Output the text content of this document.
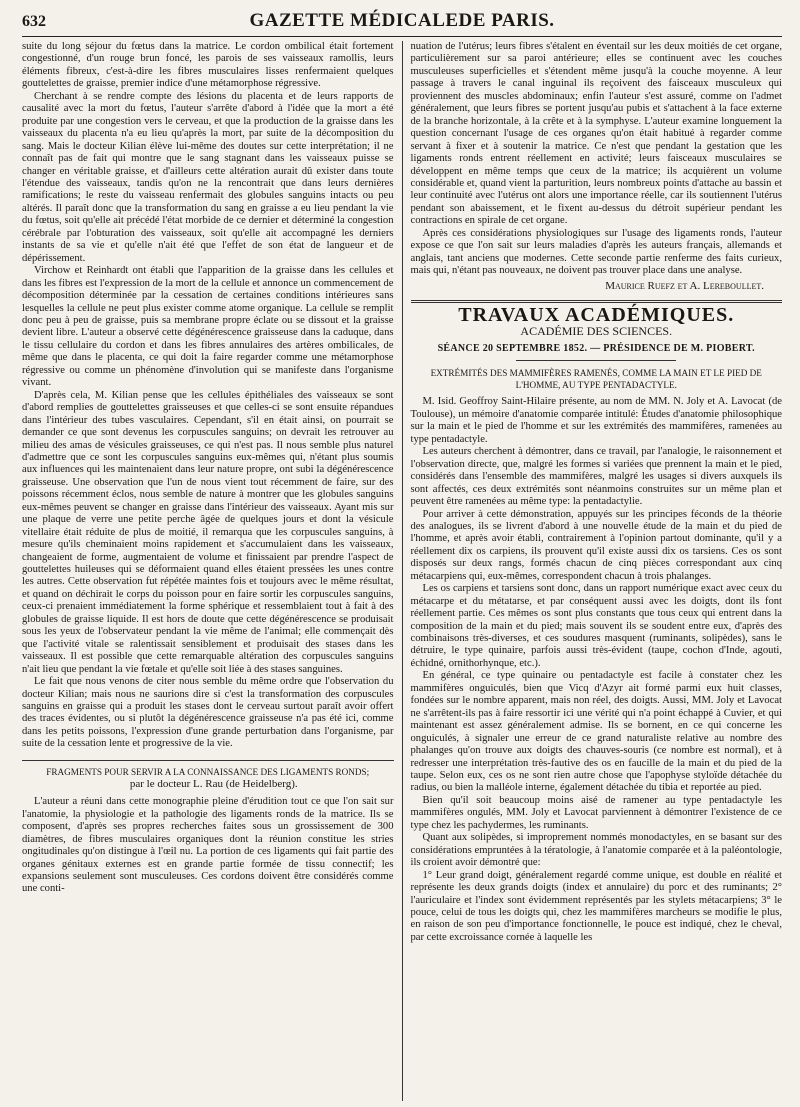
632	GAZETTE MÉDICALEDE PARIS.

suite du long séjour du fœtus dans la matrice. Le cordon ombilical était fortement congestionné, d'un rouge brun foncé, les parois de ses vaisseaux ramollis, leurs éléments fibreux, c'est-à-dire les fibres musculaires lisses renfermaient quelques gouttelettes de graisse, premier indice d'une métamorphose régressive.

Cherchant à se rendre compte des lésions du placenta et de leurs rapports de causalité avec la mort du fœtus, l'auteur s'arrête d'abord à l'idée que la mort a été produite par une congestion vers le cerveau, et que la production de la graisse dans les vaisseaux du placenta n'a eu lieu qu'après la mort, par suite de la décomposition du sang. Mais le docteur Kilian élève lui-même des doutes sur cette interprétation; il ne connaît pas de fait qui montre que le sang stagnant dans les vaisseaux puisse se changer en véritable graisse, et d'ailleurs cette altération aurait dû exister dans toute l'étendue des vaisseaux, tandis qu'on ne la rencontrait que dans leurs dernières ramifications; le reste du vaisseau renfermait des globules sanguins intacts ou peu altérés. Il paraît donc que la transformation du sang en graisse a eu lieu pendant la vie du fœtus, soit qu'elle ait précédé l'état morbide de ce dernier et déterminé la congestion cérébrale par l'obturation des vaisseaux, soit qu'elle ait accompagné les derniers instants de sa vie et qu'elle n'ait été que l'effet de son état de langueur et de dépérissement.

Virchow et Reinhardt ont établi que l'apparition de la graisse dans les cellules et dans les fibres est l'expression de la mort de la cellule et annonce un commencement de décomposition déterminée par la cessation de certaines conditions intérieures sans lesquelles la cellule ne peut plus exister comme atome organique. La cellule se remplit donc peu à peu de graisse, puis sa membrane propre éclate ou se dissout et la graisse devient libre. L'auteur a observé cette dégénérescence graisseuse dans la caduque, dans le tissu cellulaire du cordon et dans les fibres annulaires des artères ombilicales, de même que dans le placenta, ce qui doit la faire regarder comme une métamorphose régressive ou comme un phénomène d'involution qui se manifeste dans l'organisme vivant.

D'après cela, M. Kilian pense que les cellules épithéliales des vaisseaux se sont d'abord remplies de gouttelettes graisseuses et que celles-ci se sont ensuite répandues dans l'intérieur des tubes vasculaires. Cependant, s'il en était ainsi, on pourrait se demander ce que sont devenus les corpuscules sanguins; on devrait les retrouver au milieu des amas de vésicules graisseuses, ce qui n'est pas. Il nous semble plus naturel d'admettre que ce sont les corpuscules sanguins eux-mêmes qui, n'étant plus soumis aux influences qui les maintenaient dans leur nature propre, ont subi la dégénérescence graisseuse. Une observation que l'un de nous vient tout récemment de faire, sur des poissons récemment éclos, nous semble de nature à montrer que les globules sanguins eux-mêmes peuvent se changer en graisse dans l'intérieur des vaisseaux. Ayant mis sur une plaque de verre une petite perche âgée de quelques jours et dont la vésicule vitellaire était réduite de plus de moitié, il remarqua que les corpuscules sanguins, à mesure qu'ils cheminaient moins rapidement et s'accumulaient dans les vaisseaux, changeaient de forme, augmentaient de volume et finissaient par prendre l'aspect de gouttelettes huileuses qui se déformaient quand elles étaient pressées les unes contre les autres. Cette observation fut répétée maintes fois et toujours avec le même résultat, et quand on déchirait le corps du poisson pour en faire sortir les corpuscules sanguins, ceux-ci prenaient immédiatement la forme sphérique et ressemblaient tout à fait à des globules de graisse liquide. Il est hors de doute que cette dégénérescence se produisait sous les yeux de l'observateur pendant la vie même de l'animal; elle commençait dès que l'activité vitale se ralentissait sensiblement et produisait des stases dans les vaisseaux. Il est possible que cette remarquable altération des corpuscules sanguins n'ait lieu que pendant la vie fœtale et qu'elle soit liée à des stases sanguines.

Le fait que nous venons de citer nous semble du même ordre que l'observation du docteur Kilian; mais nous ne saurions dire si c'est la transformation des corpuscules sanguins en graisse qui a produit les stases dont le cerveau surtout paraît avoir offert des traces évidentes, ou si plutôt la dégénérescence graisseuse n'a pas été ici, comme dans les petits poissons, l'expression d'une grande perturbation dans l'organisme, par suite de la cessation lente et progressive de la vie.

FRAGMENTS POUR SERVIR A LA CONNAISSANCE DES LIGAMENTS RONDS;

par le docteur L. Rau (de Heidelberg).

L'auteur a réuni dans cette monographie pleine d'érudition tout ce que l'on sait sur l'anatomie, la physiologie et la pathologie des ligaments ronds de la matrice. Ils se composent, d'après ses propres recherches faites sous un grossissement de 300 diamètres, de fibres musculaires organiques dont la réunion constitue les stries ongitudinales qu'on distingue à l'œil nu. La portion de ces ligaments qui fait partie des organes génitaux externes est en grande partie formée de tissu connectif; les expansions seulement sont musculeuses. Ces cordons doivent être considérés comme une conti-

nuation de l'utérus; leurs fibres s'étalent en éventail sur les deux moitiés de cet organe, particulièrement sur sa paroi antérieure; elles se continuent avec les couches musculeuses superficielles et s'étendent même jusqu'à la couche moyenne. A leur passage à travers le canal inguinal ils reçoivent des faisceaux musculeux qui proviennent des muscles abdominaux; enfin l'auteur s'est assuré, comme on l'admet généralement, que leurs fibres se portent jusqu'au pubis et s'attachent à la face externe de la branche horizontale, à la crête et à la symphyse. L'auteur examine longuement la question concernant l'usage de ces organes qu'on était habitué à regarder comme servant à fixer et à soutenir la matrice. Ce n'est que pendant la gestation que les ligaments ronds entrent réellement en activité; leurs faisceaux musculaires se développent en même temps que ceux de la matrice; ils acquièrent un volume considérable et, quand vient la parturition, leurs nombreux points d'attache au bassin et leur continuité avec l'utérus ont alors une importance réelle, car ils soutiennent l'utérus pendant son abaissement, et le fixent au-dessus du détroit supérieur pendant les contractions en spirale de cet organe.

Après ces considérations physiologiques sur l'usage des ligaments ronds, l'auteur expose ce que l'on sait sur leurs maladies d'après les auteurs français, allemands et anglais, tant anciens que modernes. Cette seconde partie renferme des faits curieux, mais qui, n'étant pas nouveaux, ne doivent pas trouver place dans une analyse.

Maurice Ruefz et A. Lereboullet.
TRAVAUX ACADÉMIQUES.
ACADÉMIE DES SCIENCES.
SÉANCE 20 SEPTEMBRE 1852. — PRÉSIDENCE DE M. PIOBERT.

EXTRÉMITÉS DES MAMMIFÈRES RAMENÉS, COMME LA MAIN ET LE PIED DE L'HOMME, AU TYPE PENTADACTYLE.

M. Isid. Geoffroy Saint-Hilaire présente, au nom de MM. N. Joly et A. Lavocat (de Toulouse), un mémoire d'anatomie comparée intitulé: Études d'anatomie philosophique sur la main et le pied de l'homme et sur les extrémités des mammifères, ramenées au type pentadactyle.

Les auteurs cherchent à démontrer, dans ce travail, par l'analogie, le raisonnement et l'observation directe, que, malgré les formes si variées que prennent la main et le pied, considérés dans l'ensemble des mammifères, malgré les usages si divers auxquels ils sont affectés, ces deux extrémités sont néanmoins construites sur un même plan et peuvent être ramenées au même type: la pentadactylie.

Pour arriver à cette démonstration, appuyés sur les principes féconds de la théorie des analogues, ils se livrent d'abord à une nouvelle étude de la main et du pied de l'homme, et après avoir établi, contrairement à l'opinion partout dominante, qu'il y a réellement dix os carpiens, ils prouvent qu'il existe aussi dix os tarsiens. Ces os sont disposés sur deux rangs, formés chacun de cinq pièces correspondant aux cinq métacarpiens qui, eux-mêmes, correspondent chacun à trois phalanges.

Les os carpiens et tarsiens sont donc, dans un rapport numérique exact avec ceux du métacarpe et du métatarse, et par conséquent aussi avec les doigts, dont ils font réellement partie. Ces mêmes os sont plus constants que tous ceux qui entrent dans la composition de la main et du pied; mais souvent ils se soudent entre eux, d'après des combinaisons très-diverses, et ces soudures masquent (ruminants, solipèdes), sans le détruire, le type quinaire, parfois aussi très-évident (taupe, cochon d'Inde, agouti, échidné, ornithorhynque, etc.).

En général, ce type quinaire ou pentadactyle est facile à constater chez les mammifères onguiculés, bien que Vicq d'Azyr ait formé parmi eux huit classes, fondées sur le nombre apparent, mais non réel, des doigts. Aussi, MM. Joly et Lavocat ne s'arrêtent-ils pas à faire ressortir ici une vérité qui n'a point échappé à Cuvier, et qui maintenant est assez généralement admise. Ils se bornent, en ce qui concerne les onguiculés, à signaler une erreur de ce grand naturaliste relative au nombre des phalanges qu'on trouve aux doigts des chauves-souris (ce nombre est normal), et à redresser une interprétation très-fautive des os en faucille de la main et du pied de la taupe. Selon eux, ces os ne sont rien autre chose que l'apophyse styloïde détachée du radius, ou bien la malléole interne, également détachée du tibia et reportée au pied.

Bien qu'il soit beaucoup moins aisé de ramener au type pentadactyle les mammifères ongulés, MM. Joly et Lavocat parviennent à démontrer l'existence de ce type chez les pachydermes, les ruminants.

Quant aux solipèdes, si improprement nommés monodactyles, en se basant sur des considérations empruntées à la tératologie, à l'anatomie comparée et à la paléontologie, ils croient avoir démontré que:

1° Leur grand doigt, généralement regardé comme unique, est double en réalité et représente les deux grands doigts (index et annulaire) du porc et des ruminants; 2° l'auriculaire et l'index sont évidemment représentés par les stylets métacarpiens; 3° le pouce, celui de tous les doigts qui, chez les mammifères marcheurs se modifie le plus, en raison de son peu d'importance fonctionnelle, le pouce est indiqué, chez le cheval, par cette excroissance cornée à laquelle les
